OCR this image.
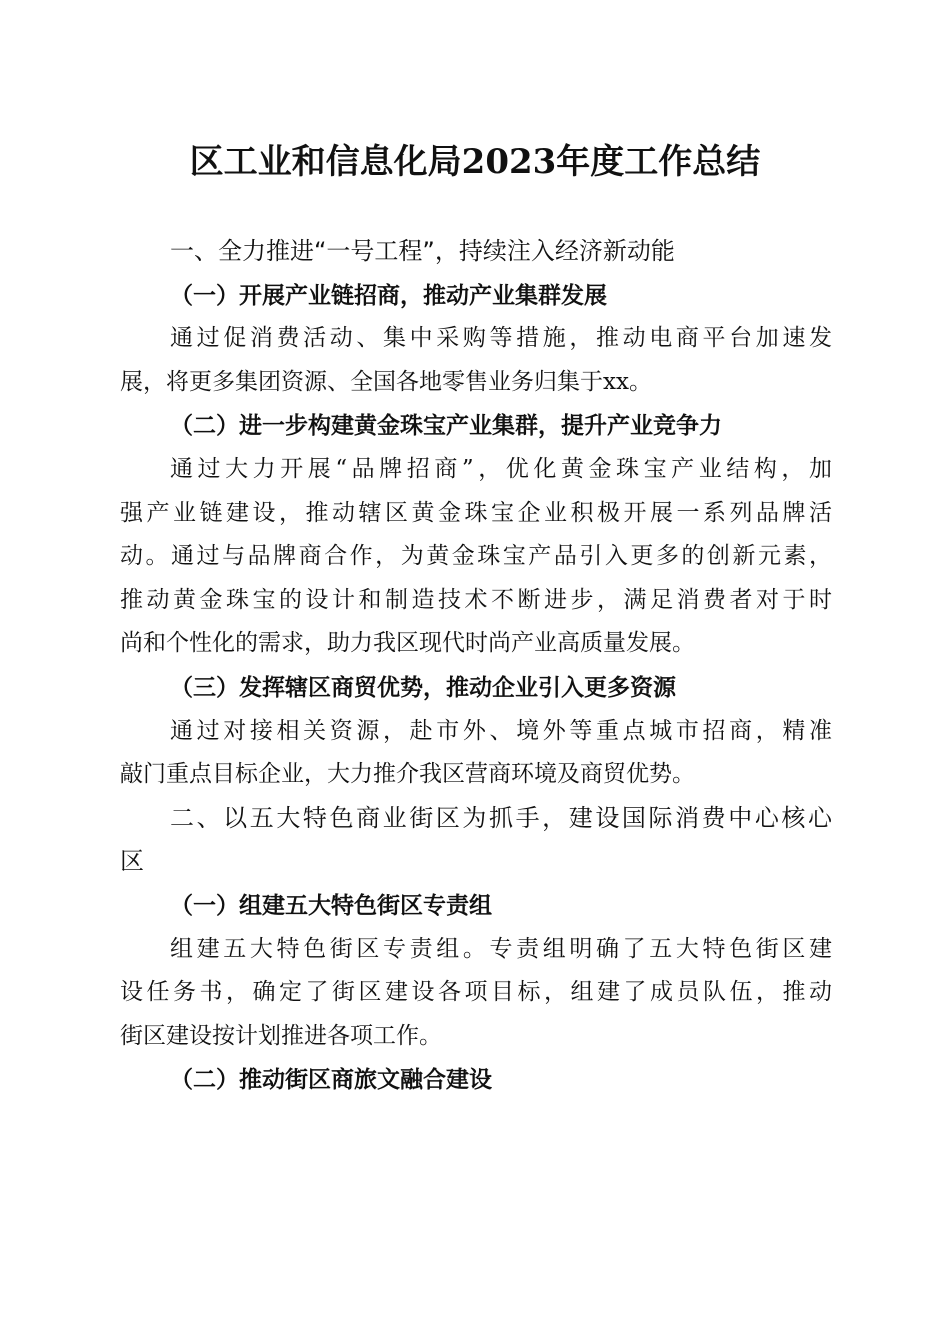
区工业和信息化局2023年度工作总结
一、全力推进“一号工程”，持续注入经济新动能
（一）开展产业链招商，推动产业集群发展
通过促消费活动、集中采购等措施，推动电商平台加速发
展，将更多集团资源、全国各地零售业务归集于xx。
（二）进一步构建黄金珠宝产业集群，提升产业竞争力
通过大力开展“品牌招商”，优化黄金珠宝产业结构，加
强产业链建设，推动辖区黄金珠宝企业积极开展一系列品牌活
动。通过与品牌商合作，为黄金珠宝产品引入更多的创新元素，
推动黄金珠宝的设计和制造技术不断进步，满足消费者对于时
尚和个性化的需求，助力我区现代时尚产业高质量发展。
（三）发挥辖区商贸优势，推动企业引入更多资源
通过对接相关资源，赴市外、境外等重点城市招商，精准
敲门重点目标企业，大力推介我区营商环境及商贸优势。
二、以五大特色商业街区为抓手，建设国际消费中心核心
区
（一）组建五大特色街区专责组
组建五大特色街区专责组。专责组明确了五大特色街区建
设任务书，确定了街区建设各项目标，组建了成员队伍，推动
街区建设按计划推进各项工作。
（二）推动街区商旅文融合建设
